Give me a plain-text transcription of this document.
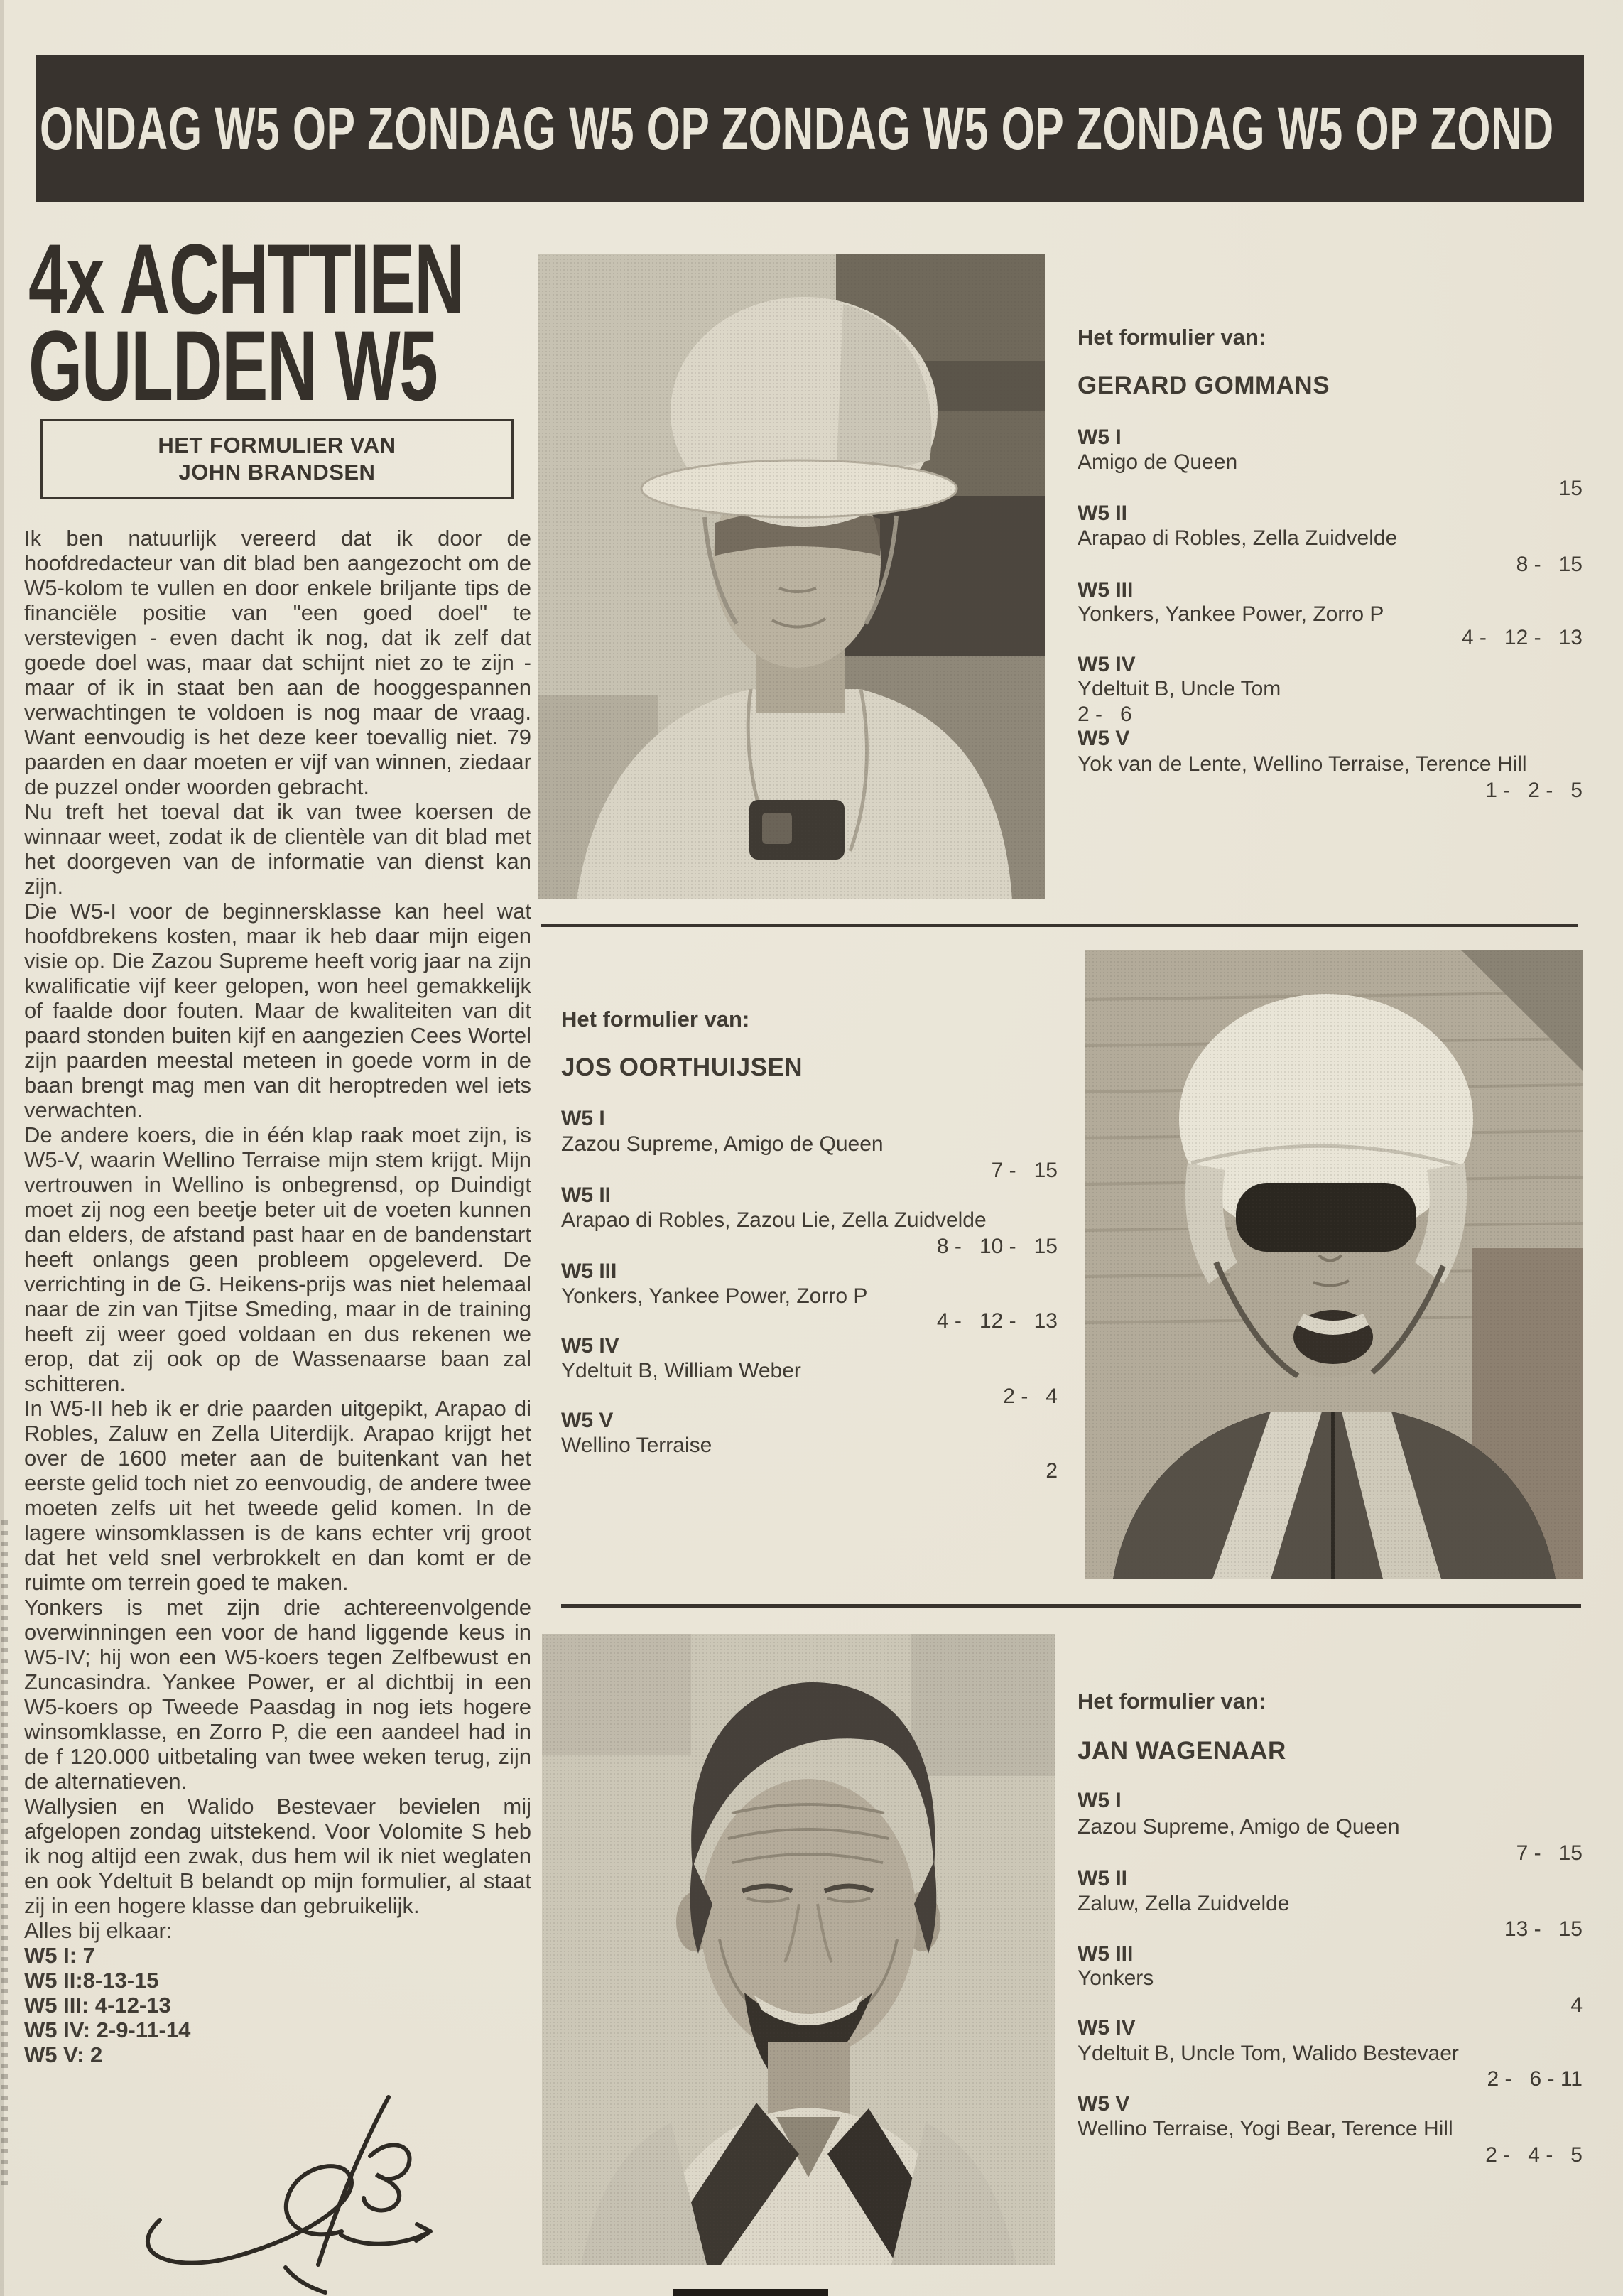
ONDAG W5 OP ZONDAG W5 OP ZONDAG W5 OP ZONDAG W5 OP ZOND
4x ACHTTIEN
GULDEN W5
HET FORMULIER VAN
JOHN BRANDSEN

Ik ben natuurlijk vereerd dat ik door de hoofdredacteur van dit blad ben aangezocht om de W5-kolom te vullen en door enkele briljante tips de financiële positie van "een goed doel" te verstevigen - even dacht ik nog, dat ik zelf dat goede doel was, maar dat schijnt niet zo te zijn - maar of ik in staat ben aan de hooggespannen verwachtingen te voldoen is nog maar de vraag. Want eenvoudig is het deze keer toevallig niet. 79 paarden en daar moeten er vijf van winnen, ziedaar de puzzel onder woorden gebracht.

Nu treft het toeval dat ik van twee koersen de winnaar weet, zodat ik de clientèle van dit blad met het doorgeven van de informatie van dienst kan zijn.

Die W5-I voor de beginnersklasse kan heel wat hoofdbrekens kosten, maar ik heb daar mijn eigen visie op. Die Zazou Supreme heeft vorig jaar na zijn kwalificatie vijf keer gelopen, won heel gemakkelijk of faalde door fouten. Maar de kwaliteiten van dit paard stonden buiten kijf en aangezien Cees Wortel zijn paarden meestal meteen in goede vorm in de baan brengt mag men van dit heroptreden wel iets verwachten.

De andere koers, die in één klap raak moet zijn, is W5-V, waarin Wellino Terraise mijn stem krijgt. Mijn vertrouwen in Wellino is onbegrensd, op Duindigt moet zij nog een beetje beter uit de voeten kunnen dan elders, de afstand past haar en de bandenstart heeft onlangs geen probleem opgeleverd. De verrichting in de G. Heikens-prijs was niet helemaal naar de zin van Tjitse Smeding, maar in de training heeft zij weer goed voldaan en dus rekenen we erop, dat zij ook op de Wassenaarse baan zal schitteren.

In W5-II heb ik er drie paarden uitgepikt, Arapao di Robles, Zaluw en Zella Uiterdijk. Arapao krijgt het over de 1600 meter aan de buitenkant van het eerste gelid toch niet zo eenvoudig, de andere twee moeten zelfs uit het tweede gelid komen. In de lagere winsomklassen is de kans echter vrij groot dat het veld snel verbrokkelt en dan komt er de ruimte om terrein goed te maken.

Yonkers is met zijn drie achtereenvolgende overwinningen een voor de hand liggende keus in W5-IV; hij won een W5-koers tegen Zelfbewust en Zuncasindra. Yankee Power, er al dichtbij in een W5-koers op Tweede Paasdag in nog iets hogere winsomklasse, en Zorro P, die een aandeel had in de f 120.000 uitbetaling van twee weken terug, zijn de alternatieven.

Wallysien en Walido Bestevaer bevielen mij afgelopen zondag uitstekend. Voor Volomite S heb ik nog altijd een zwak, dus hem wil ik niet weglaten en ook Ydeltuit B belandt op mijn formulier, al staat zij in een hogere klasse dan gebruikelijk.

Alles bij elkaar:

W5 I: 7

W5 II:8-13-15

W5 III: 4-12-13

W5 IV: 2-9-11-14

W5 V: 2

Het formulier van:
GERARD GOMMANS
W5 I
Amigo de Queen
15
W5 II
Arapao di Robles, Zella Zuidvelde
8 -   15
W5 III
Yonkers, Yankee Power, Zorro P
4 -   12 -   13
W5 IV
Ydeltuit B, Uncle Tom
2 -   6
W5 V
Yok van de Lente, Wellino Terraise, Terence Hill
1 -   2 -   5
Het formulier van:
JOS OORTHUIJSEN
W5 I
Zazou Supreme, Amigo de Queen
7 -   15
W5 II
Arapao di Robles, Zazou Lie, Zella Zuidvelde
8 -   10 -   15
W5 III
Yonkers, Yankee Power, Zorro P
4 -   12 -   13
W5 IV
Ydeltuit B, William Weber
2 -   4
W5 V
Wellino Terraise
2
Het formulier van:
JAN WAGENAAR
W5 I
Zazou Supreme, Amigo de Queen
7 -   15
W5 II
Zaluw, Zella Zuidvelde
13 -   15
W5 III
Yonkers
4
W5 IV
Ydeltuit B, Uncle Tom, Walido Bestevaer
2 -   6 - 11
W5 V
Wellino Terraise, Yogi Bear, Terence Hill
2 -   4 -   5
